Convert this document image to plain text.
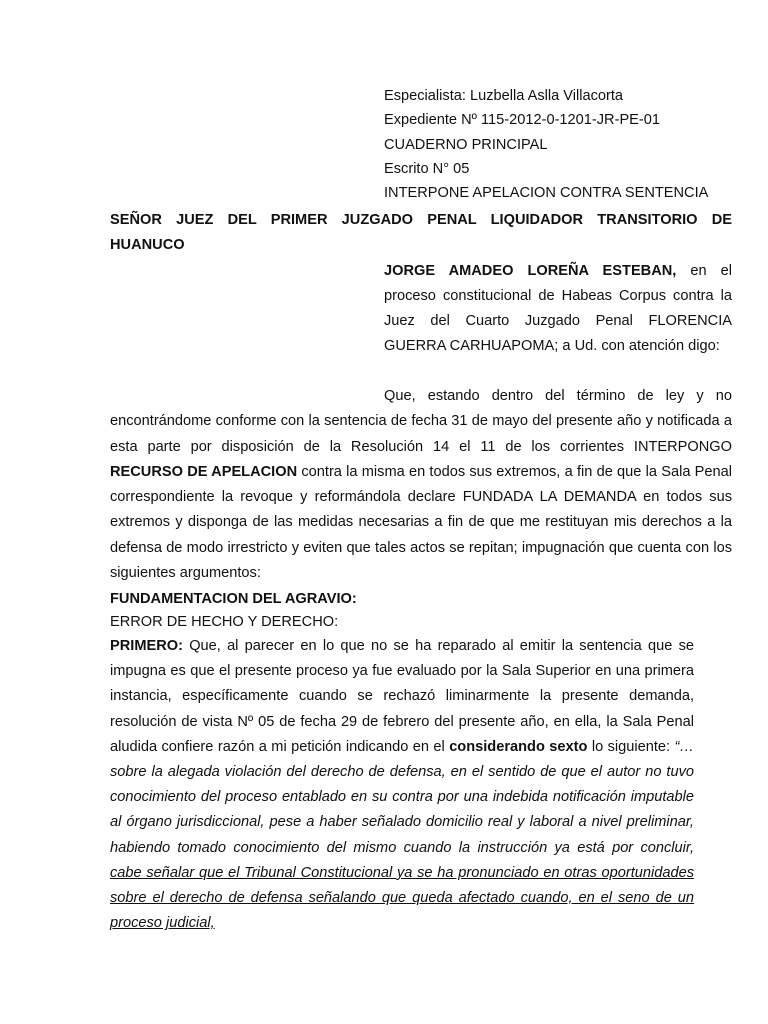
Especialista: Luzbella Aslla Villacorta
Expediente Nº 115-2012-0-1201-JR-PE-01
CUADERNO PRINCIPAL
Escrito N° 05
INTERPONE APELACION CONTRA SENTENCIA
SEÑOR JUEZ DEL PRIMER JUZGADO PENAL LIQUIDADOR TRANSITORIO DE
HUANUCO
JORGE AMADEO LOREÑA ESTEBAN, en el proceso constitucional de Habeas Corpus contra la Juez del Cuarto Juzgado Penal FLORENCIA GUERRA CARHUAPOMA; a Ud. con atención digo:

Que, estando dentro del término de ley y no encontrándome conforme con la sentencia de fecha 31 de mayo del presente año y notificada a esta parte por disposición de la Resolución 14 el 11 de los corrientes INTERPONGO RECURSO DE APELACION contra la misma en todos sus extremos, a fin de que la Sala Penal correspondiente la revoque y reformándola declare FUNDADA LA DEMANDA en todos sus extremos y disponga de las medidas necesarias a fin de que me restituyan mis derechos a la defensa de modo irrestricto y eviten que tales actos se repitan; impugnación que cuenta con los siguientes argumentos:

FUNDAMENTACION DEL AGRAVIO:
ERROR DE HECHO Y DERECHO:
PRIMERO: Que, al parecer en lo que no se ha reparado al emitir la sentencia que se impugna es que el presente proceso ya fue evaluado por la Sala Superior en una primera instancia, específicamente cuando se rechazó liminarmente la presente demanda, resolución de vista Nº 05 de fecha 29 de febrero del presente año, en ella, la Sala Penal aludida confiere razón a mi petición indicando en el considerando sexto lo siguiente: “… sobre la alegada violación del derecho de defensa, en el sentido de que el autor no tuvo conocimiento del proceso entablado en su contra por una indebida notificación imputable al órgano jurisdiccional, pese a haber señalado domicilio real y laboral a nivel preliminar, habiendo tomado conocimiento del mismo cuando la instrucción ya está por concluir, cabe señalar que el Tribunal Constitucional ya se ha pronunciado en otras oportunidades sobre el derecho de defensa señalando que queda afectado cuando, en el seno de un proceso judicial,
